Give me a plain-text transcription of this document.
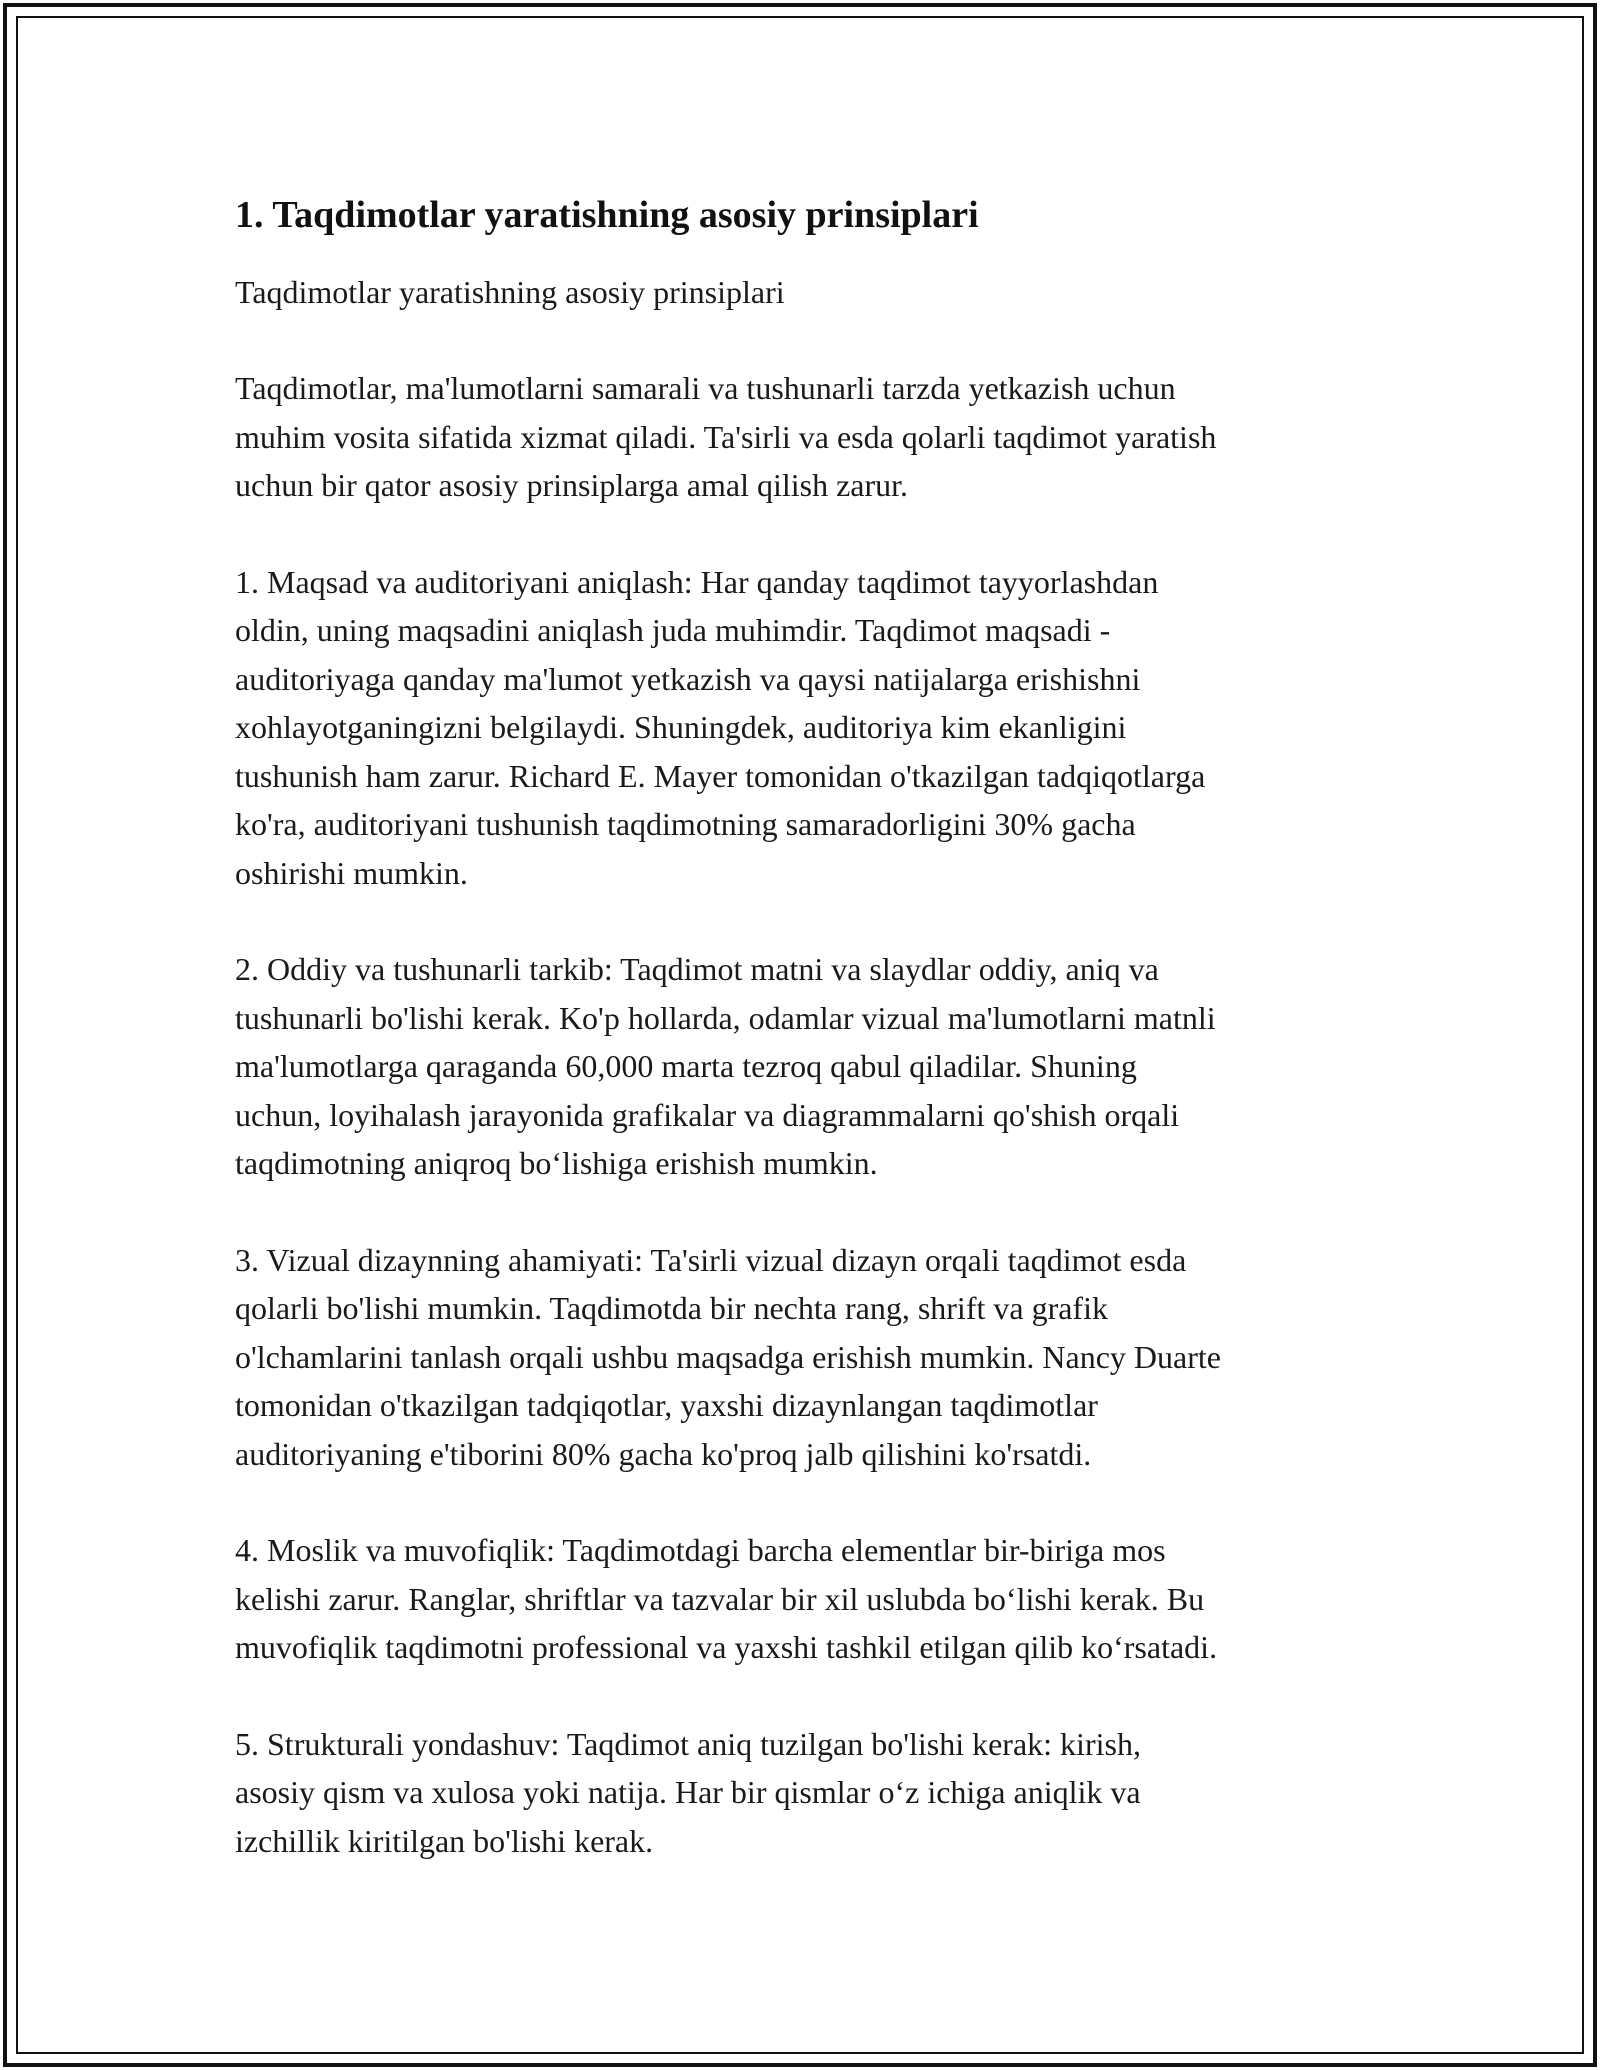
1. Taqdimotlar yaratishning asosiy prinsiplari

Taqdimotlar yaratishning asosiy prinsiplari

Taqdimotlar, ma'lumotlarni samarali va tushunarli tarzda yetkazish uchun
muhim vosita sifatida xizmat qiladi. Ta'sirli va esda qolarli taqdimot yaratish
uchun bir qator asosiy prinsiplarga amal qilish zarur.

1. Maqsad va auditoriyani aniqlash: Har qanday taqdimot tayyorlashdan
oldin, uning maqsadini aniqlash juda muhimdir. Taqdimot maqsadi -
auditoriyaga qanday ma'lumot yetkazish va qaysi natijalarga erishishni
xohlayotganingizni belgilaydi. Shuningdek, auditoriya kim ekanligini
tushunish ham zarur. Richard E. Mayer tomonidan o'tkazilgan tadqiqotlarga
ko'ra, auditoriyani tushunish taqdimotning samaradorligini 30% gacha
oshirishi mumkin.

2. Oddiy va tushunarli tarkib: Taqdimot matni va slaydlar oddiy, aniq va
tushunarli bo'lishi kerak. Ko'p hollarda, odamlar vizual ma'lumotlarni matnli
ma'lumotlarga qaraganda 60,000 marta tezroq qabul qiladilar. Shuning
uchun, loyihalash jarayonida grafikalar va diagrammalarni qo'shish orqali
taqdimotning aniqroq bo‘lishiga erishish mumkin.

3. Vizual dizaynning ahamiyati: Ta'sirli vizual dizayn orqali taqdimot esda
qolarli bo'lishi mumkin. Taqdimotda bir nechta rang, shrift va grafik
o'lchamlarini tanlash orqali ushbu maqsadga erishish mumkin. Nancy Duarte
tomonidan o'tkazilgan tadqiqotlar, yaxshi dizaynlangan taqdimotlar
auditoriyaning e'tiborini 80% gacha ko'proq jalb qilishini ko'rsatdi.

4. Moslik va muvofiqlik: Taqdimotdagi barcha elementlar bir-biriga mos
kelishi zarur. Ranglar, shriftlar va tazvalar bir xil uslubda bo‘lishi kerak. Bu
muvofiqlik taqdimotni professional va yaxshi tashkil etilgan qilib ko‘rsatadi.

5. Strukturali yondashuv: Taqdimot aniq tuzilgan bo'lishi kerak: kirish,
asosiy qism va xulosa yoki natija. Har bir qismlar o‘z ichiga aniqlik va
izchillik kiritilgan bo'lishi kerak.
